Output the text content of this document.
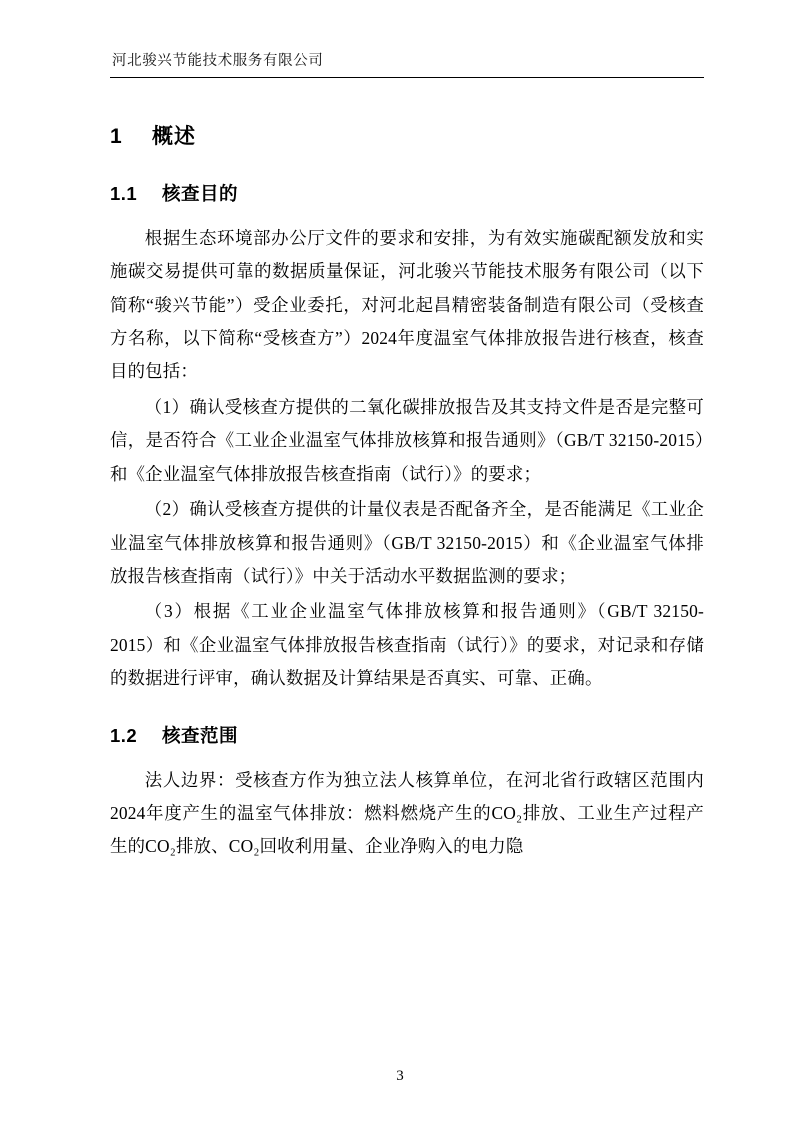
河北骏兴节能技术服务有限公司
1 概述
1.1 核查目的

根据生态环境部办公厅文件的要求和安排，为有效实施碳配额发放和实施碳交易提供可靠的数据质量保证，河北骏兴节能技术服务有限公司（以下简称“骏兴节能”）受企业委托，对河北起昌精密装备制造有限公司（受核查方名称，以下简称“受核查方”）2024年度温室气体排放报告进行核查，核查目的包括：

（1）确认受核查方提供的二氧化碳排放报告及其支持文件是否是完整可信，是否符合《工业企业温室气体排放核算和报告通则》（GB/T 32150-2015）和《企业温室气体排放报告核查指南（试行）》的要求；

（2）确认受核查方提供的计量仪表是否配备齐全，是否能满足《工业企业温室气体排放核算和报告通则》（GB/T 32150-2015）和《企业温室气体排放报告核查指南（试行）》中关于活动水平数据监测的要求；

（3）根据《工业企业温室气体排放核算和报告通则》（GB/T 32150-2015）和《企业温室气体排放报告核查指南（试行）》的要求，对记录和存储的数据进行评审，确认数据及计算结果是否真实、可靠、正确。

1.2 核查范围

法人边界：受核查方作为独立法人核算单位，在河北省行政辖区范围内2024年度产生的温室气体排放：燃料燃烧产生的CO₂排放、工业生产过程产生的CO₂排放、CO₂回收利用量、企业净购入的电力隐

3
